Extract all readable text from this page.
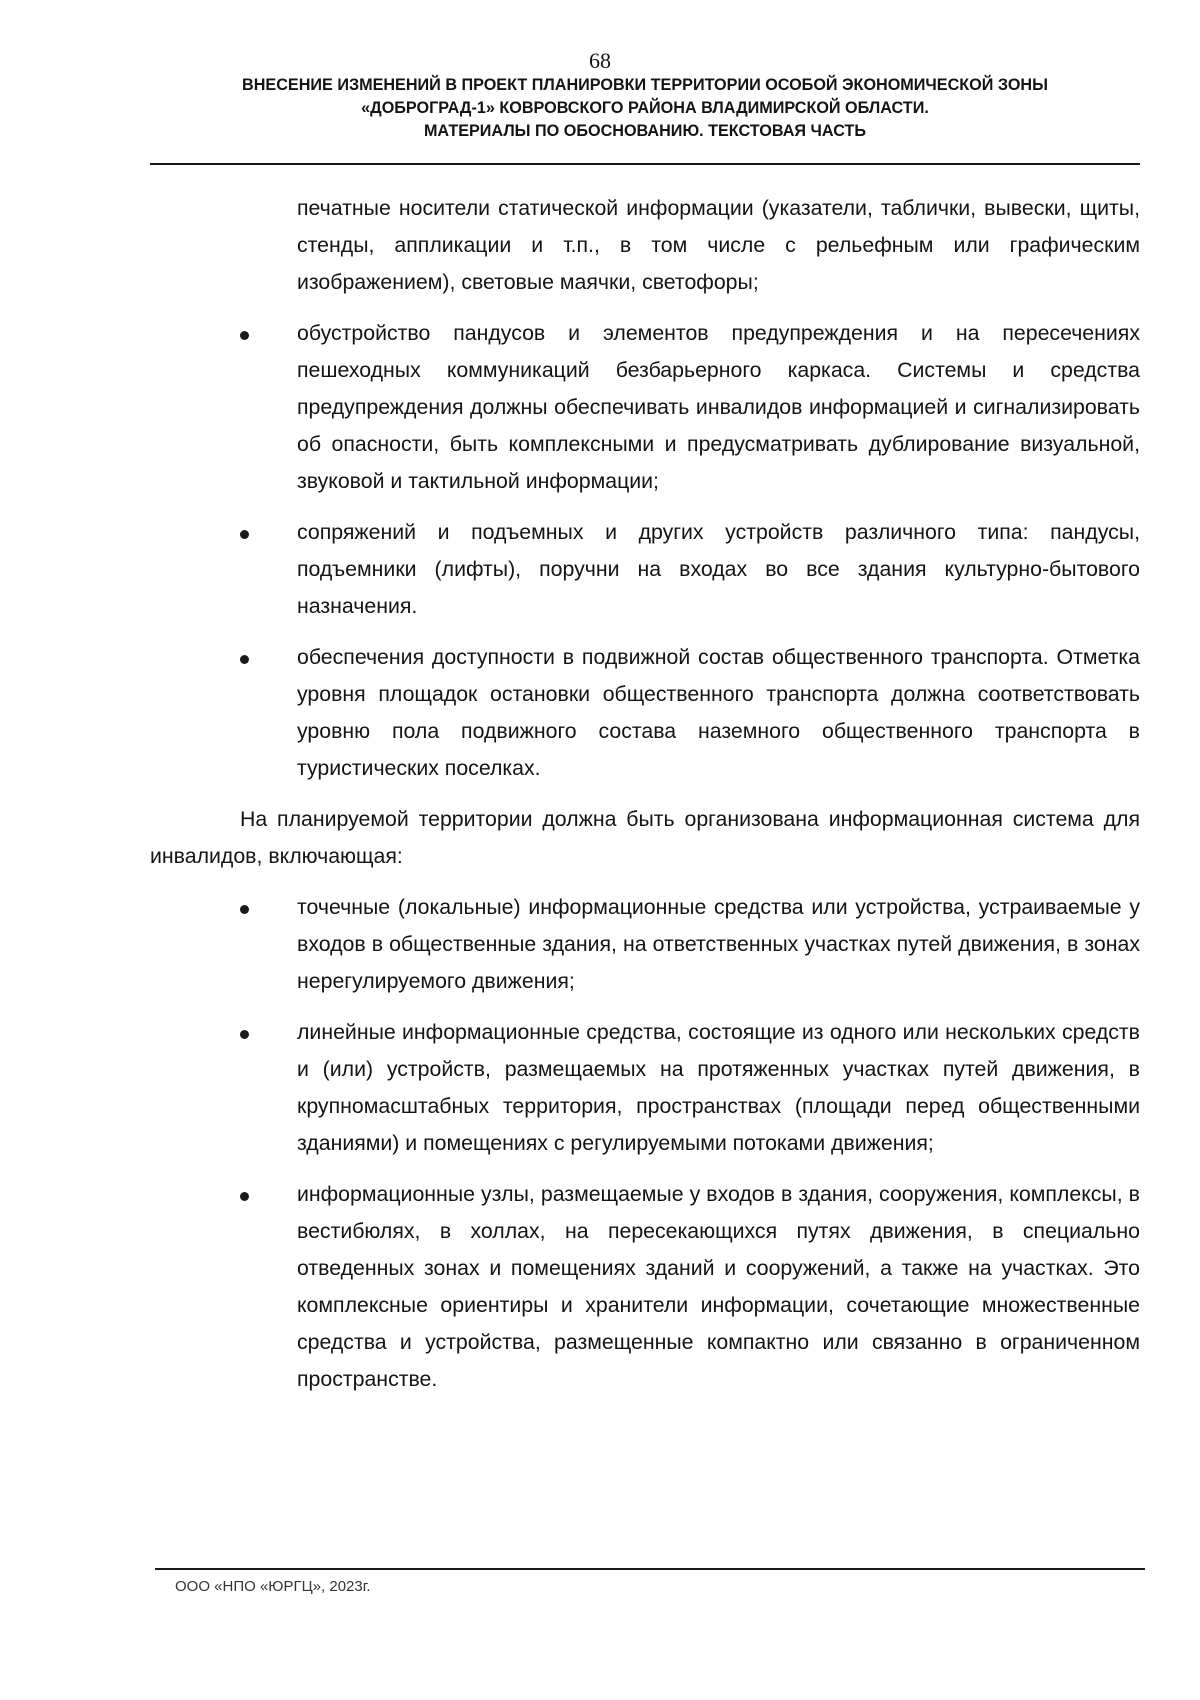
68
ВНЕСЕНИЕ ИЗМЕНЕНИЙ В ПРОЕКТ ПЛАНИРОВКИ ТЕРРИТОРИИ ОСОБОЙ ЭКОНОМИЧЕСКОЙ ЗОНЫ
«ДОБРОГРАД-1» КОВРОВСКОГО РАЙОНА ВЛАДИМИРСКОЙ ОБЛАСТИ.
МАТЕРИАЛЫ ПО ОБОСНОВАНИЮ. ТЕКСТОВАЯ ЧАСТЬ
печатные носители статической информации (указатели, таблички, вывески, щиты, стенды, аппликации и т.п., в том числе с рельефным или графическим изображением), световые маячки, светофоры;
обустройство пандусов и элементов предупреждения и на пересечениях пешеходных коммуникаций безбарьерного каркаса. Системы и средства предупреждения должны обеспечивать инвалидов информацией и сигнализировать об опасности, быть комплексными и предусматривать дублирование визуальной, звуковой и тактильной информации;
сопряжений и подъемных и других устройств различного типа: пандусы, подъемники (лифты), поручни на входах во все здания культурно-бытового назначения.
обеспечения доступности в подвижной состав общественного транспорта. Отметка уровня площадок остановки общественного транспорта должна соответствовать уровню пола подвижного состава наземного общественного транспорта в туристических поселках.
На планируемой территории должна быть организована информационная система для инвалидов, включающая:
точечные (локальные) информационные средства или устройства, устраиваемые у входов в общественные здания, на ответственных участках путей движения, в зонах нерегулируемого движения;
линейные информационные средства, состоящие из одного или нескольких средств и (или) устройств, размещаемых на протяженных участках путей движения, в крупномасштабных территория, пространствах (площади перед общественными зданиями) и помещениях с регулируемыми потоками движения;
информационные узлы, размещаемые у входов в здания, сооружения, комплексы, в вестибюлях, в холлах, на пересекающихся путях движения, в специально отведенных зонах и помещениях зданий и сооружений, а также на участках. Это комплексные ориентиры и хранители информации, сочетающие множественные средства и устройства, размещенные компактно или связанно в ограниченном пространстве.
ООО «НПО «ЮРГЦ», 2023г.
